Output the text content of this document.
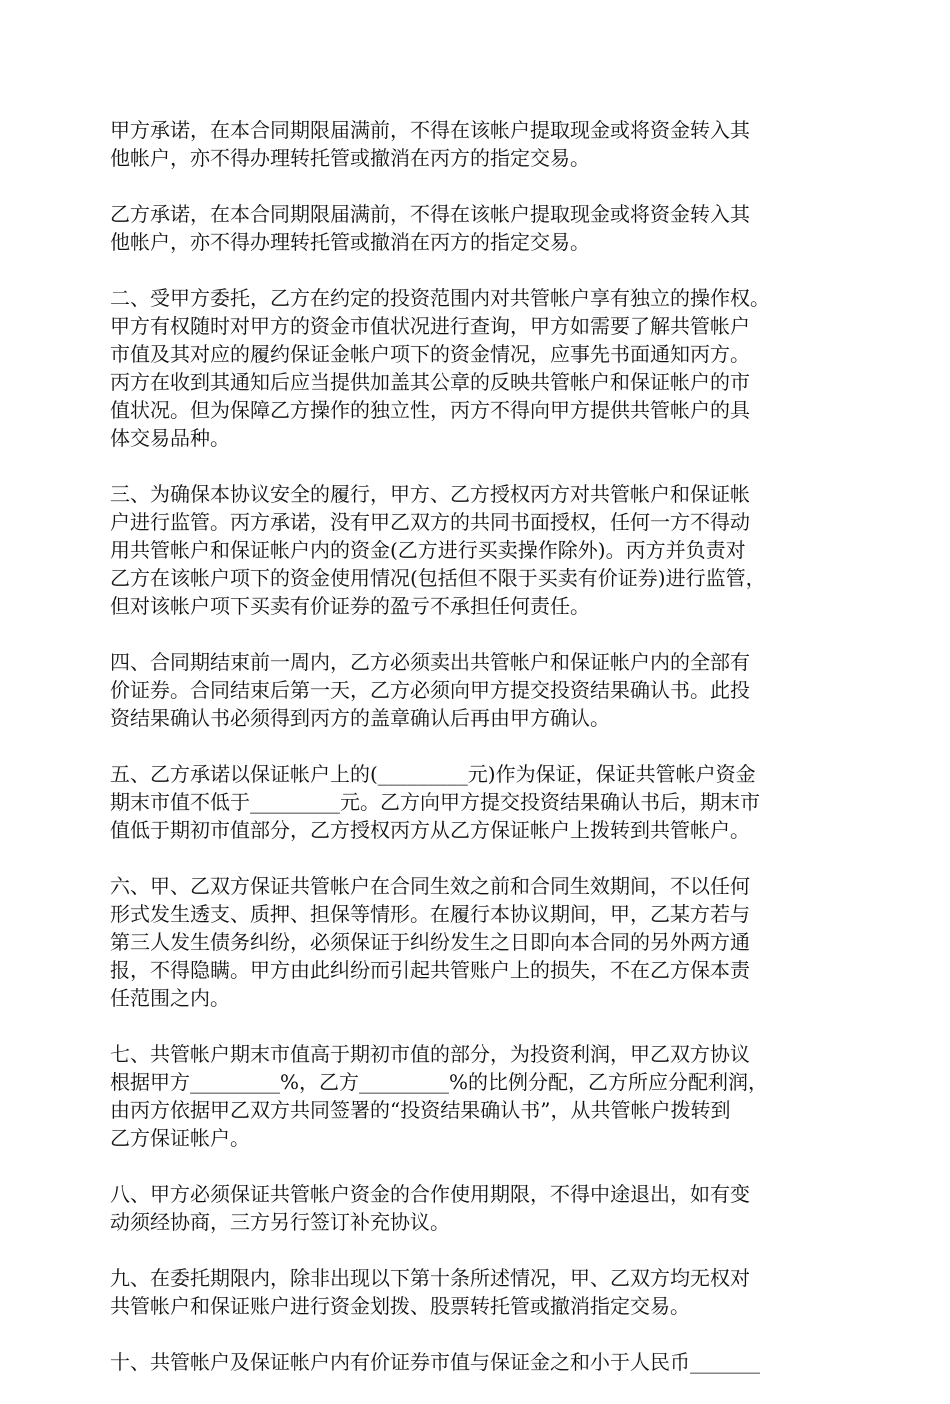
甲方承诺，在本合同期限届满前，不得在该帐户提取现金或将资金转入其
他帐户，亦不得办理转托管或撤消在丙方的指定交易。

乙方承诺，在本合同期限届满前，不得在该帐户提取现金或将资金转入其
他帐户，亦不得办理转托管或撤消在丙方的指定交易。

二、受甲方委托，乙方在约定的投资范围内对共管帐户享有独立的操作权。
甲方有权随时对甲方的资金市值状况进行查询，甲方如需要了解共管帐户
市值及其对应的履约保证金帐户项下的资金情况，应事先书面通知丙方。
丙方在收到其通知后应当提供加盖其公章的反映共管帐户和保证帐户的市
值状况。但为保障乙方操作的独立性，丙方不得向甲方提供共管帐户的具
体交易品种。

三、为确保本协议安全的履行，甲方、乙方授权丙方对共管帐户和保证帐
户进行监管。丙方承诺，没有甲乙双方的共同书面授权，任何一方不得动
用共管帐户和保证帐户内的资金(乙方进行买卖操作除外)。丙方并负责对
乙方在该帐户项下的资金使用情况(包括但不限于买卖有价证券)进行监管，
但对该帐户项下买卖有价证券的盈亏不承担任何责任。

四、合同期结束前一周内，乙方必须卖出共管帐户和保证帐户内的全部有
价证券。合同结束后第一天，乙方必须向甲方提交投资结果确认书。此投
资结果确认书必须得到丙方的盖章确认后再由甲方确认。

五、乙方承诺以保证帐户上的(_________元)作为保证，保证共管帐户资金
期末市值不低于_________元。乙方向甲方提交投资结果确认书后，期末市
值低于期初市值部分，乙方授权丙方从乙方保证帐户上拨转到共管帐户。

六、甲、乙双方保证共管帐户在合同生效之前和合同生效期间，不以任何
形式发生透支、质押、担保等情形。在履行本协议期间，甲，乙某方若与
第三人发生债务纠纷，必须保证于纠纷发生之日即向本合同的另外两方通
报，不得隐瞒。甲方由此纠纷而引起共管账户上的损失，不在乙方保本责
任范围之内。

七、共管帐户期末市值高于期初市值的部分，为投资利润，甲乙双方协议
根据甲方_________%，乙方_________%的比例分配，乙方所应分配利润，
由丙方依据甲乙双方共同签署的“投资结果确认书”，从共管帐户拨转到
乙方保证帐户。

八、甲方必须保证共管帐户资金的合作使用期限，不得中途退出，如有变
动须经协商，三方另行签订补充协议。

九、在委托期限内，除非出现以下第十条所述情况，甲、乙双方均无权对
共管帐户和保证账户进行资金划拨、股票转托管或撤消指定交易。

十、共管帐户及保证帐户内有价证券市值与保证金之和小于人民币_______
